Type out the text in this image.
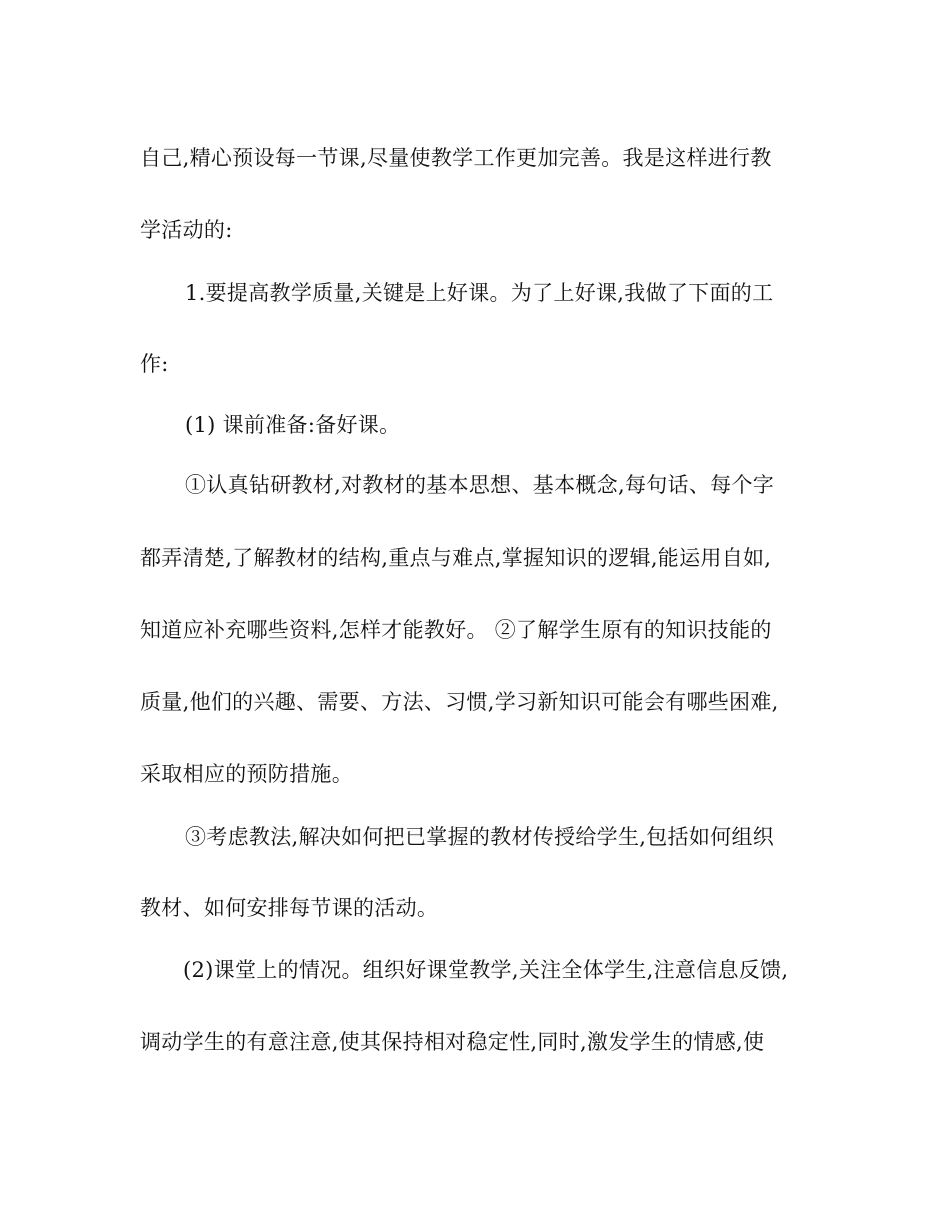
自己,精心预设每一节课,尽量使教学工作更加完善。我是这样进行教
学活动的:
1.要提高教学质量,关键是上好课。为了上好课,我做了下面的工
作:
(1) 课前准备:备好课。
①认真钻研教材,对教材的基本思想、基本概念,每句话、每个字
都弄清楚,了解教材的结构,重点与难点,掌握知识的逻辑,能运用自如,
知道应补充哪些资料,怎样才能教好。 ②了解学生原有的知识技能的
质量,他们的兴趣、需要、方法、习惯,学习新知识可能会有哪些困难,
采取相应的预防措施。
③考虑教法,解决如何把已掌握的教材传授给学生,包括如何组织
教材、如何安排每节课的活动。
(2)课堂上的情况。组织好课堂教学,关注全体学生,注意信息反馈,
调动学生的有意注意,使其保持相对稳定性,同时,激发学生的情感,使
